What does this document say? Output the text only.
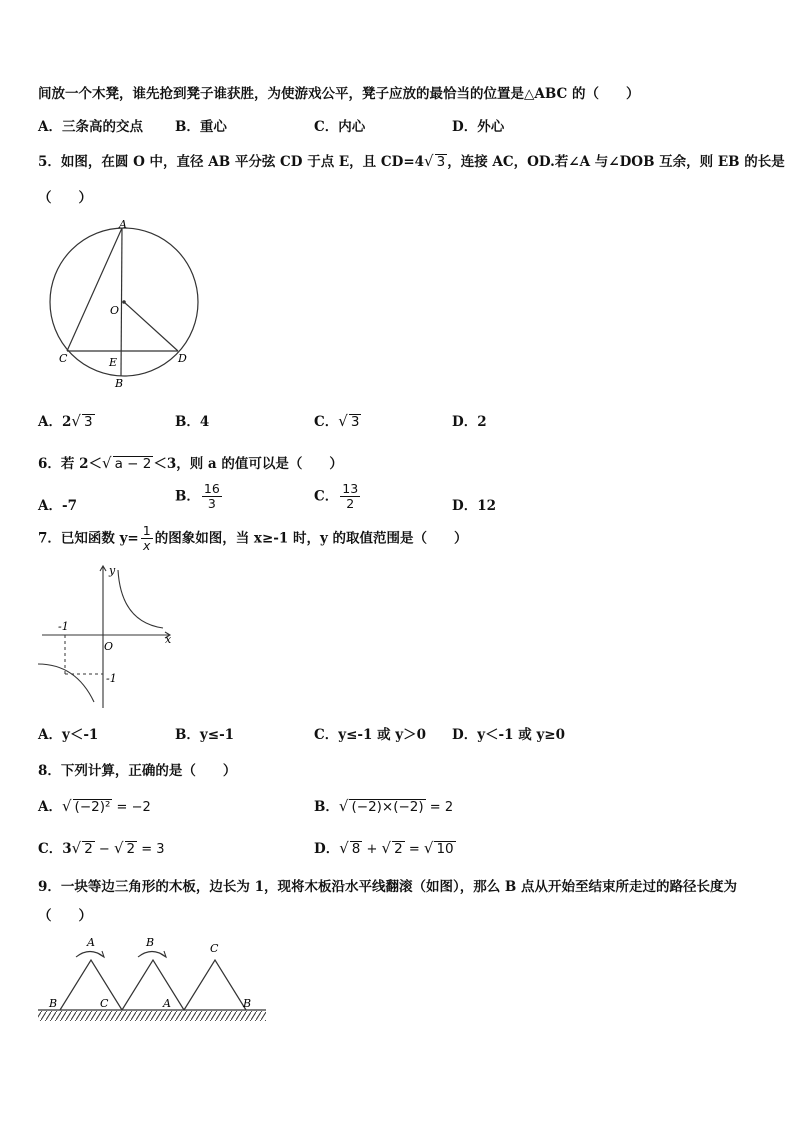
间放一个木凳，谁先抢到凳子谁获胜，为使游戏公平，凳子应放的最恰当的位置是△ABC 的（　　）
A．三条高的交点 B．重心	C．内心	D．外心
5．如图，在圆 O 中，直径 AB 平分弦 CD 于点 E，且 CD=4√ 3 ，连接 AC，OD.若∠A 与∠DOB 互余，则 EB 的长是
（　　）
A
O
C	E	D
B
A．2√ 3	B．4	C．√ 3	D．2
6．若 2＜√ a − 2 ＜3，则 a 的值可以是（　　）
A．-7
B． $\frac{16}{3}$	C． $\frac{13}{2}$	D．12
7．已知函数 $y= \frac{1}{x}$ 的图象如图，当 x≥-1 时，y 的取值范围是（　　）
y
-1
O
x
-1
A．y＜-1	B．y≤-1	C．y≤-1 或 y＞0 D．y＜-1 或 y≥0
8．下列计算，正确的是（　　）
A．√ (−2)² = −2	B．√ (−2)×(−2) = 2
C．3√ 2 − √ 2 = 3	D．√ 8 + √ 2 = √ 10
9．一块等边三角形的木板，边长为 1，现将木板沿水平线翻滚（如图），那么 B 点从开始至结束所走过的路径长度为
（　　）
A	B	C
B	C	A	B
